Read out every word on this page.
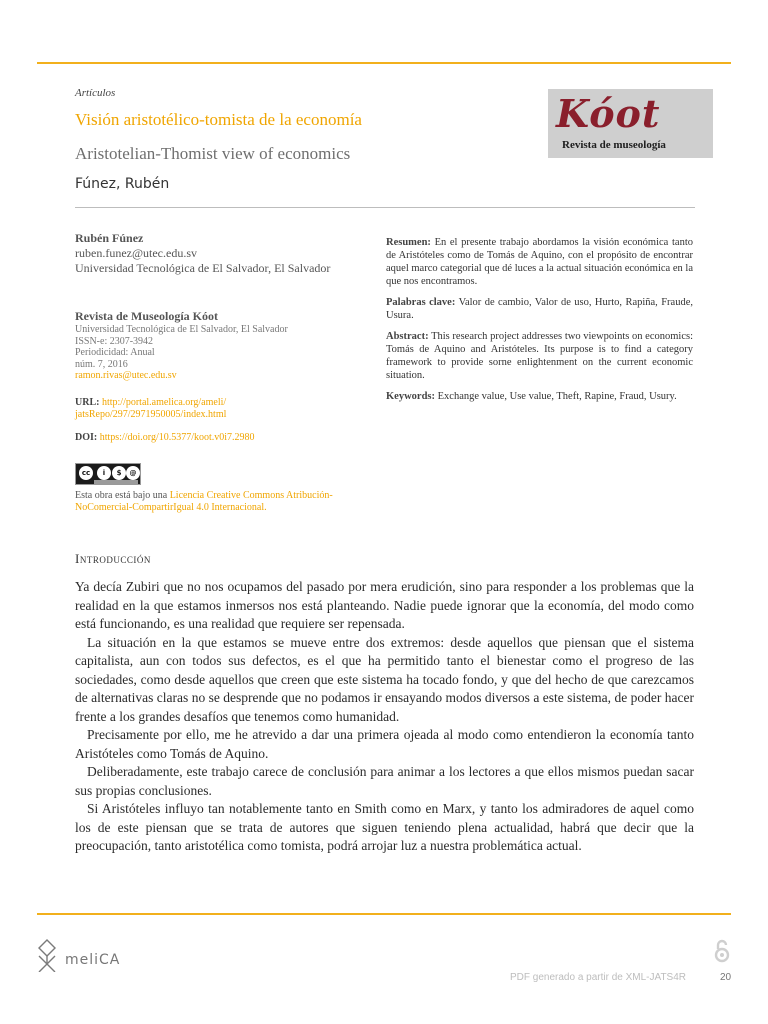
Artículos
Visión aristotélico-tomista de la economía
Aristotelian-Thomist view of economics
Fúnez, Rubén
Kóot
Revista de museología
Rubén Fúnez
ruben.funez@utec.edu.sv
Universidad Tecnológica de El Salvador, El Salvador
Revista de Museología Kóot
Universidad Tecnológica de El Salvador, El Salvador
ISSN-e: 2307-3942
Periodicidad: Anual
núm. 7, 2016
ramon.rivas@utec.edu.sv
URL: http://portal.amelica.org/ameli/
jatsRepo/297/2971950005/index.html
DOI: https://doi.org/10.5377/koot.v0i7.2980
cc	i	$	@
Esta obra está bajo una Licencia Creative Commons Atribución-
NoComercial-CompartirIgual 4.0 Internacional.

Resumen: En el presente trabajo abordamos la visión económica tanto de Aristóteles como de Tomás de Aquino, con el propósito de encontrar aquel marco categorial que dé luces a la actual situación económica en la que nos encontramos.

Palabras clave: Valor de cambio, Valor de uso, Hurto, Rapiña, Fraude, Usura.

Abstract: This research project addresses two viewpoints on economics: Tomás de Aquino and Aristóteles. Its purpose is to find a category framework to provide sorne enlightenment on the current economic situation.

Keywords: Exchange value, Use value, Theft, Rapine, Fraud, Usury.

Introducción

Ya decía Zubiri que no nos ocupamos del pasado por mera erudición, sino para responder a los problemas que la realidad en la que estamos inmersos nos está planteando. Nadie puede ignorar que la economía, del modo como está funcionando, es una realidad que requiere ser repensada.

La situación en la que estamos se mueve entre dos extremos: desde aquellos que piensan que el sistema capitalista, aun con todos sus defectos, es el que ha permitido tanto el bienestar como el progreso de las sociedades, como desde aquellos que creen que este sistema ha tocado fondo, y que del hecho de que carezcamos de alternativas claras no se desprende que no podamos ir ensayando modos diversos a este sistema, de poder hacer frente a los grandes desafíos que tenemos como humanidad.

Precisamente por ello, me he atrevido a dar una primera ojeada al modo como entendieron la economía tanto Aristóteles como Tomás de Aquino.

Deliberadamente, este trabajo carece de conclusión para animar a los lectores a que ellos mismos puedan sacar sus propias conclusiones.

Si Aristóteles influyo tan notablemente tanto en Smith como en Marx, y tanto los admiradores de aquel como los de este piensan que se trata de autores que siguen teniendo plena actualidad, habrá que decir que la preocupación, tanto aristotélica como tomista, podrá arrojar luz a nuestra problemática actual.

meliCA
PDF generado a partir de XML-JATS4R	20
